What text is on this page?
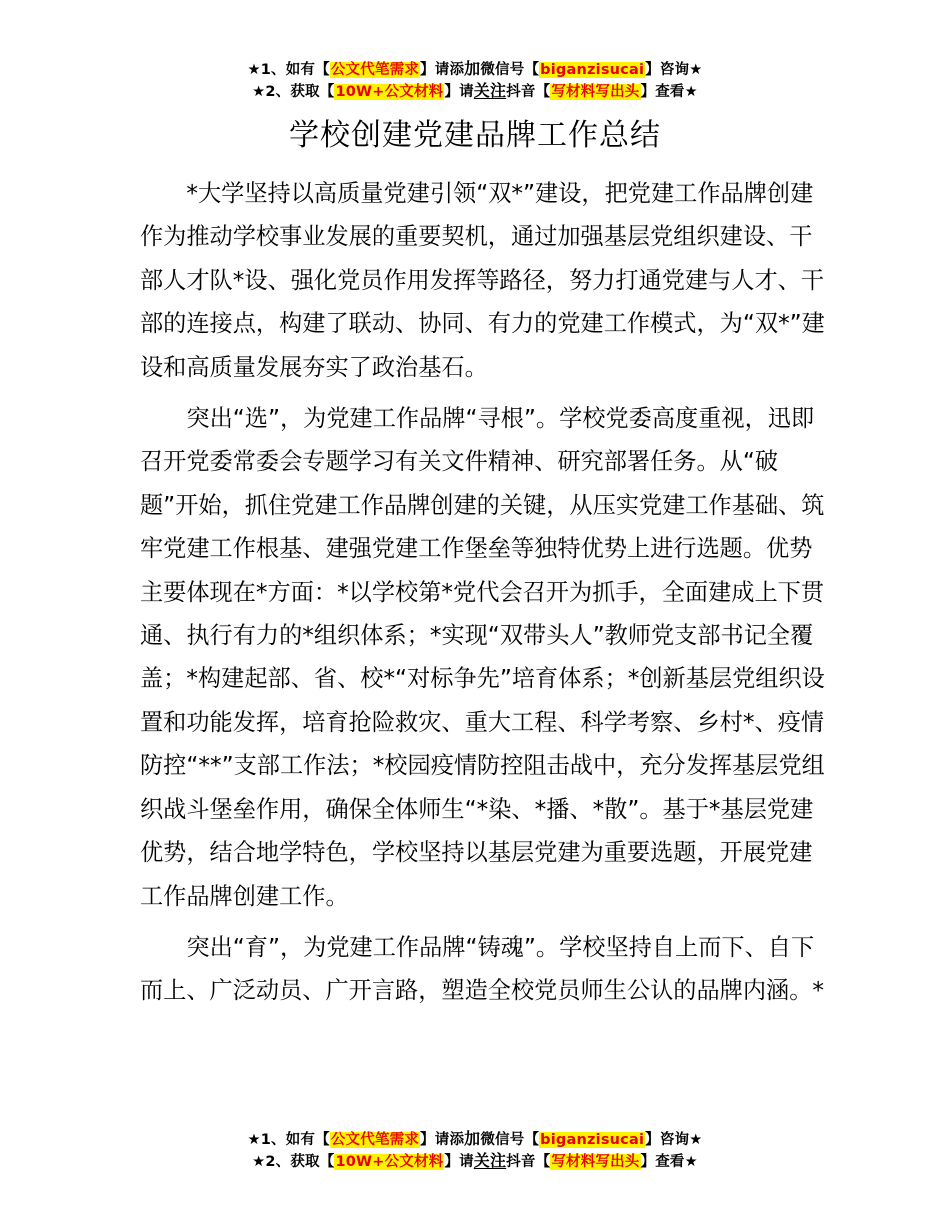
★1、如有【公文代笔需求】请添加微信号【biganzisucai】咨询★
★2、获取【10W+公文材料】请关注抖音【写材料写出头】查看★
学校创建党建品牌工作总结

*大学坚持以高质量党建引领“双*”建设，把党建工作品牌创建作为推动学校事业发展的重要契机，通过加强基层党组织建设、干部人才队*设、强化党员作用发挥等路径，努力打通党建与人才、干部的连接点，构建了联动、协同、有力的党建工作模式，为“双*”建设和高质量发展夯实了政治基石。

突出“选”，为党建工作品牌“寻根”。学校党委高度重视，迅即召开党委常委会专题学习有关文件精神、研究部署任务。从“破题”开始，抓住党建工作品牌创建的关键，从压实党建工作基础、筑牢党建工作根基、建强党建工作堡垒等独特优势上进行选题。优势主要体现在*方面：*以学校第*党代会召开为抓手，全面建成上下贯通、执行有力的*组织体系；*实现“双带头人”教师党支部书记全覆盖；*构建起部、省、校*“对标争先”培育体系；*创新基层党组织设置和功能发挥，培育抢险救灾、重大工程、科学考察、乡村*、疫情防控“**”支部工作法；*校园疫情防控阻击战中，充分发挥基层党组织战斗堡垒作用，确保全体师生“*染、*播、*散”。基于*基层党建优势，结合地学特色，学校坚持以基层党建为重要选题，开展党建工作品牌创建工作。

突出“育”，为党建工作品牌“铸魂”。学校坚持自上而下、自下而上、广泛动员、广开言路，塑造全校党员师生公认的品牌内涵。*

★1、如有【公文代笔需求】请添加微信号【biganzisucai】咨询★
★2、获取【10W+公文材料】请关注抖音【写材料写出头】查看★
